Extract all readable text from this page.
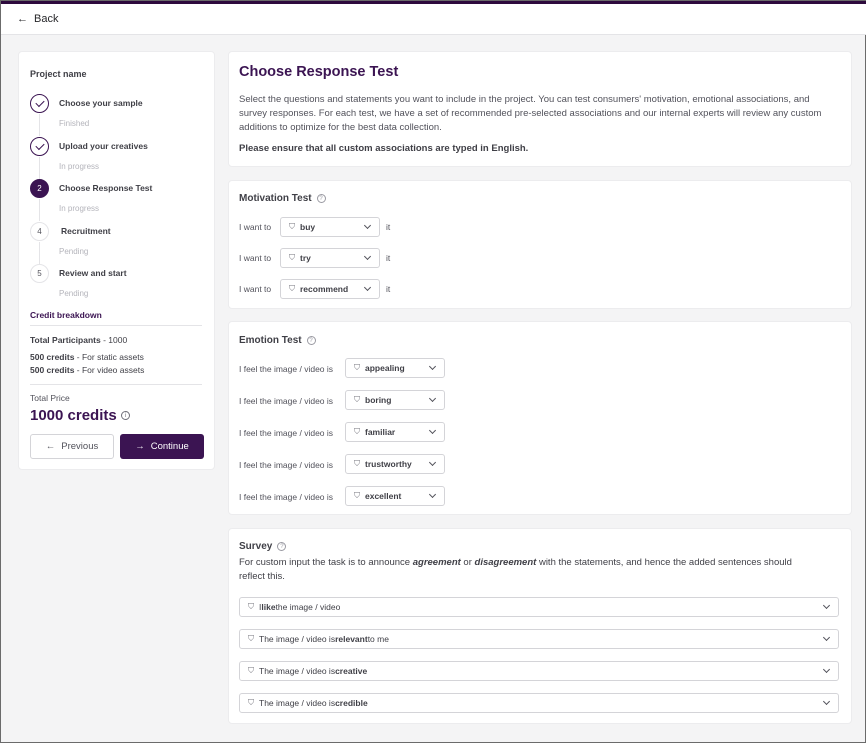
← Back
Project name
Choose your sample
Finished
Upload your creatives
In progress
2	Choose Response Test
In progress
4	Recruitment
Pending
5	Review and start
Pending
Credit breakdown
Total Participants - 1000
500 credits - For static assets
500 credits - For video assets
Total Price
1000 credits	i
← Previous	→ Continue
Choose Response Test
Select the questions and statements you want to include in the project. You can test consumers' motivation, emotional associations, and survey responses. For each test, we have a set of recommended pre-selected associations and our internal experts will review any custom additions to optimize for the best data collection.
Please ensure that all custom associations are typed in English.
Motivation Test	?
I want to ⛉ buy	it
I want to ⛉ try	it
I want to ⛉ recommend	it
Emotion Test	?
I feel the image / video is	⛉ appealing
I feel the image / video is	⛉ boring
I feel the image / video is	⛉ familiar
I feel the image / video is	⛉ trustworthy
I feel the image / video is	⛉ excellent
Survey	?
For custom input the task is to announce agreement or disagreement with the statements, and hence the added sentences should reflect this.
⛉ I like the image / video
⛉ The image / video is relevant to me
⛉ The image / video is creative
⛉ The image / video is credible
